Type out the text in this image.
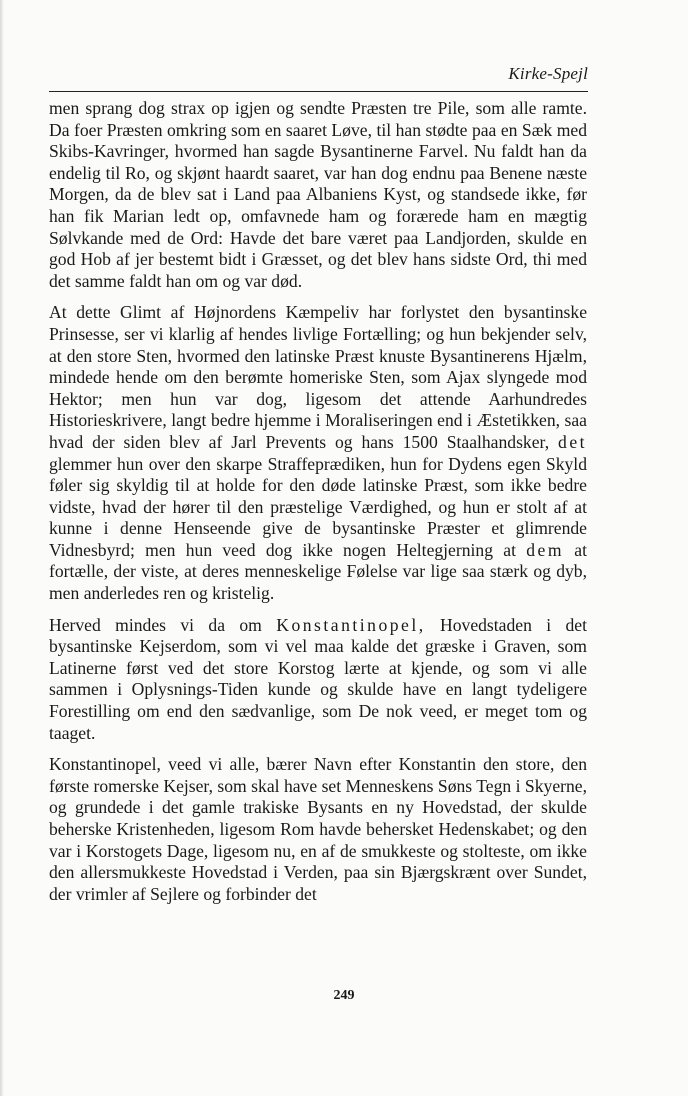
Kirke-Spejl

men sprang dog strax op igjen og sendte Præsten tre Pile, som alle ramte. Da foer Præsten omkring som en saaret Løve, til han stødte paa en Sæk med Skibs-Kavringer, hvormed han sagde Bysantinerne Farvel. Nu faldt han da endelig til Ro, og skjønt haardt saaret, var han dog endnu paa Benene næste Morgen, da de blev sat i Land paa Albaniens Kyst, og standsede ikke, før han fik Marian ledt op, omfavnede ham og forærede ham en mægtig Sølvkande med de Ord: Havde det bare været paa Landjorden, skulde en god Hob af jer bestemt bidt i Græsset, og det blev hans sidste Ord, thi med det samme faldt han om og var død.

At dette Glimt af Højnordens Kæmpeliv har forlystet den bysantinske Prinsesse, ser vi klarlig af hendes livlige Fortælling; og hun bekjender selv, at den store Sten, hvormed den latinske Præst knuste Bysantinerens Hjælm, mindede hende om den berømte homeriske Sten, som Ajax slyngede mod Hektor; men hun var dog, ligesom det attende Aarhundredes Historieskrivere, langt bedre hjemme i Moraliseringen end i Æstetikken, saa hvad der siden blev af Jarl Prevents og hans 1500 Staalhandsker, det glemmer hun over den skarpe Straffeprædiken, hun for Dydens egen Skyld føler sig skyldig til at holde for den døde latinske Præst, som ikke bedre vidste, hvad der hører til den præstelige Værdighed, og hun er stolt af at kunne i denne Henseende give de bysantinske Præster et glimrende Vidnesbyrd; men hun veed dog ikke nogen Heltegjerning at dem at fortælle, der viste, at deres menneskelige Følelse var lige saa stærk og dyb, men anderledes ren og kristelig.

Herved mindes vi da om Konstantinopel, Hovedstaden i det bysantinske Kejserdom, som vi vel maa kalde det græske i Graven, som Latinerne først ved det store Korstog lærte at kjende, og som vi alle sammen i Oplysnings-Tiden kunde og skulde have en langt tydeligere Forestilling om end den sædvanlige, som De nok veed, er meget tom og taaget.

Konstantinopel, veed vi alle, bærer Navn efter Konstantin den store, den første romerske Kejser, som skal have set Menneskens Søns Tegn i Skyerne, og grundede i det gamle trakiske Bysants en ny Hovedstad, der skulde beherske Kristenheden, ligesom Rom havde behersket Hedenskabet; og den var i Korstogets Dage, ligesom nu, en af de smukkeste og stolteste, om ikke den allersmukkeste Hovedstad i Verden, paa sin Bjærgskrænt over Sundet, der vrimler af Sejlere og forbinder det

249
